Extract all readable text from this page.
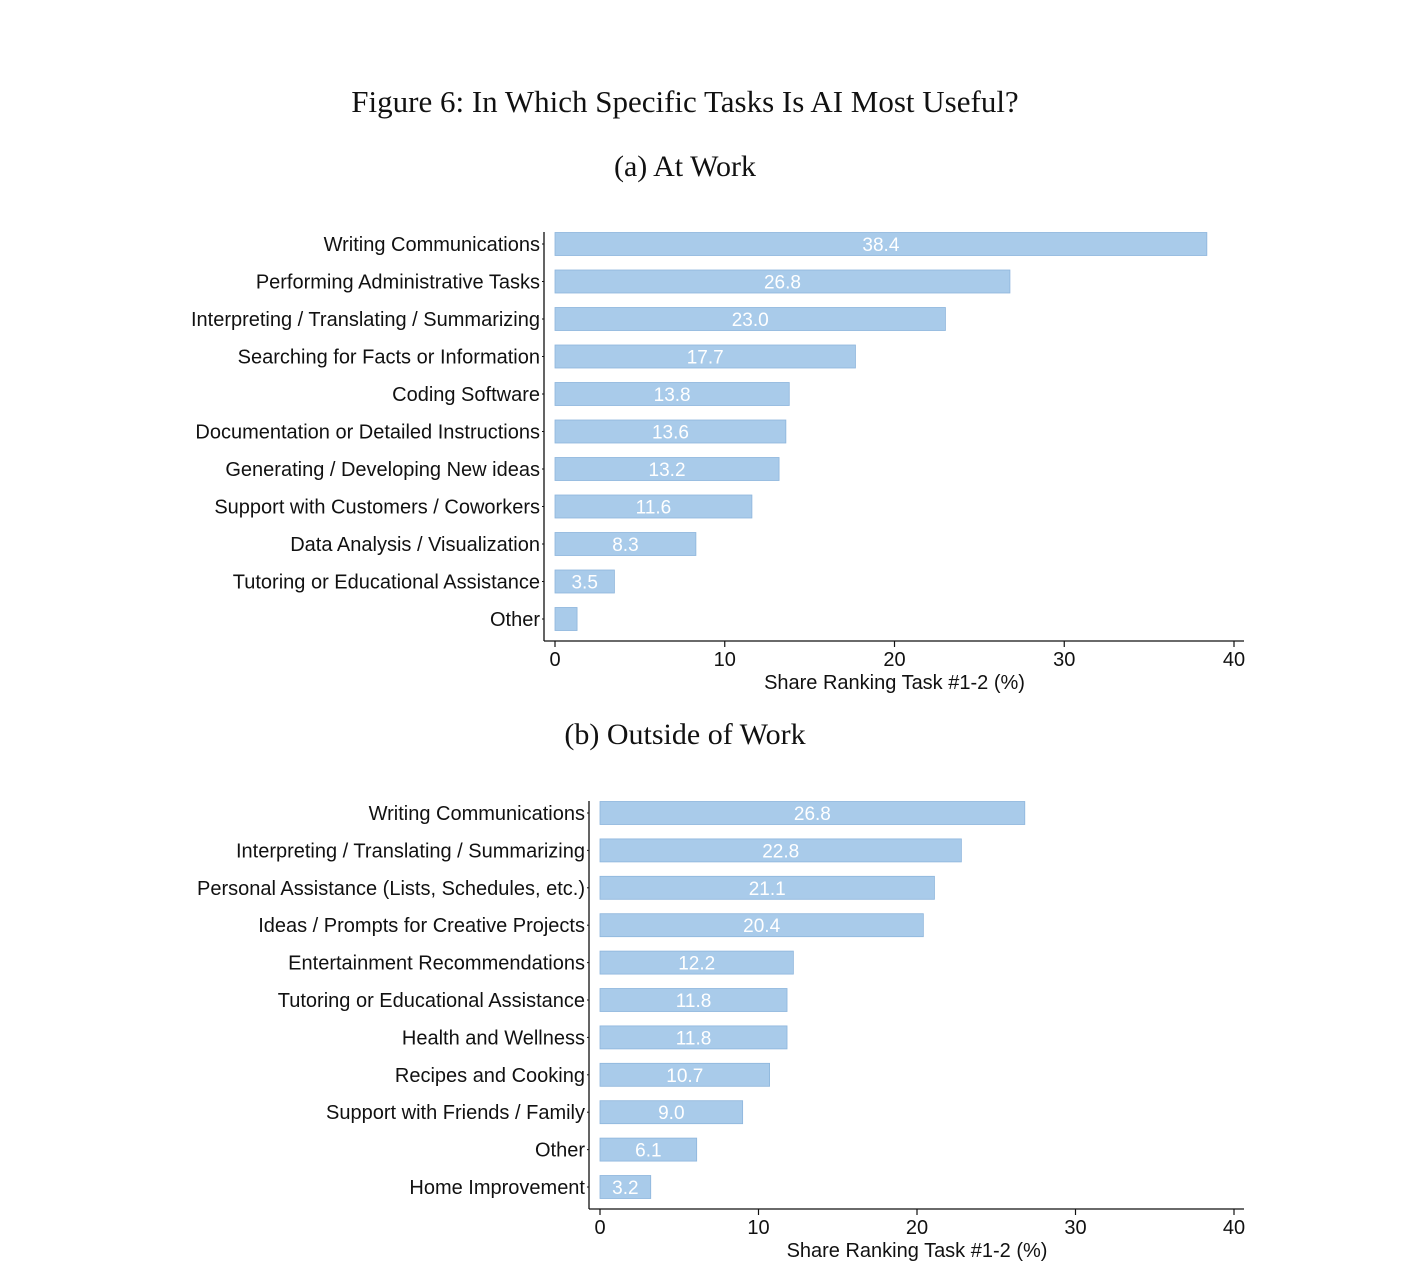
Figure 6: In Which Specific Tasks Is AI Most Useful?
(a) At Work
Writing Communications	38.4
Performing Administrative Tasks	26.8
Interpreting / Translating / Summarizing	23.0
Searching for Facts or Information	17.7
Coding Software	13.8
Documentation or Detailed Instructions	13.6
Generating / Developing New ideas	13.2
Support with Customers / Coworkers	11.6
Data Analysis / Visualization	8.3
Tutoring or Educational Assistance 3.5
Other
0	10	20	30	40
Share Ranking Task #1-2 (%)
(b) Outside of Work
Writing Communications	26.8
Interpreting / Translating / Summarizing	22.8
Personal Assistance (Lists, Schedules, etc.)	21.1
Ideas / Prompts for Creative Projects	20.4
Entertainment Recommendations	12.2
Tutoring or Educational Assistance	11.8
Health and Wellness	11.8
Recipes and Cooking	10.7
Support with Friends / Family	9.0
Other	6.1
Home Improvement 3.2
0	10	20	30	40
Share Ranking Task #1-2 (%)
